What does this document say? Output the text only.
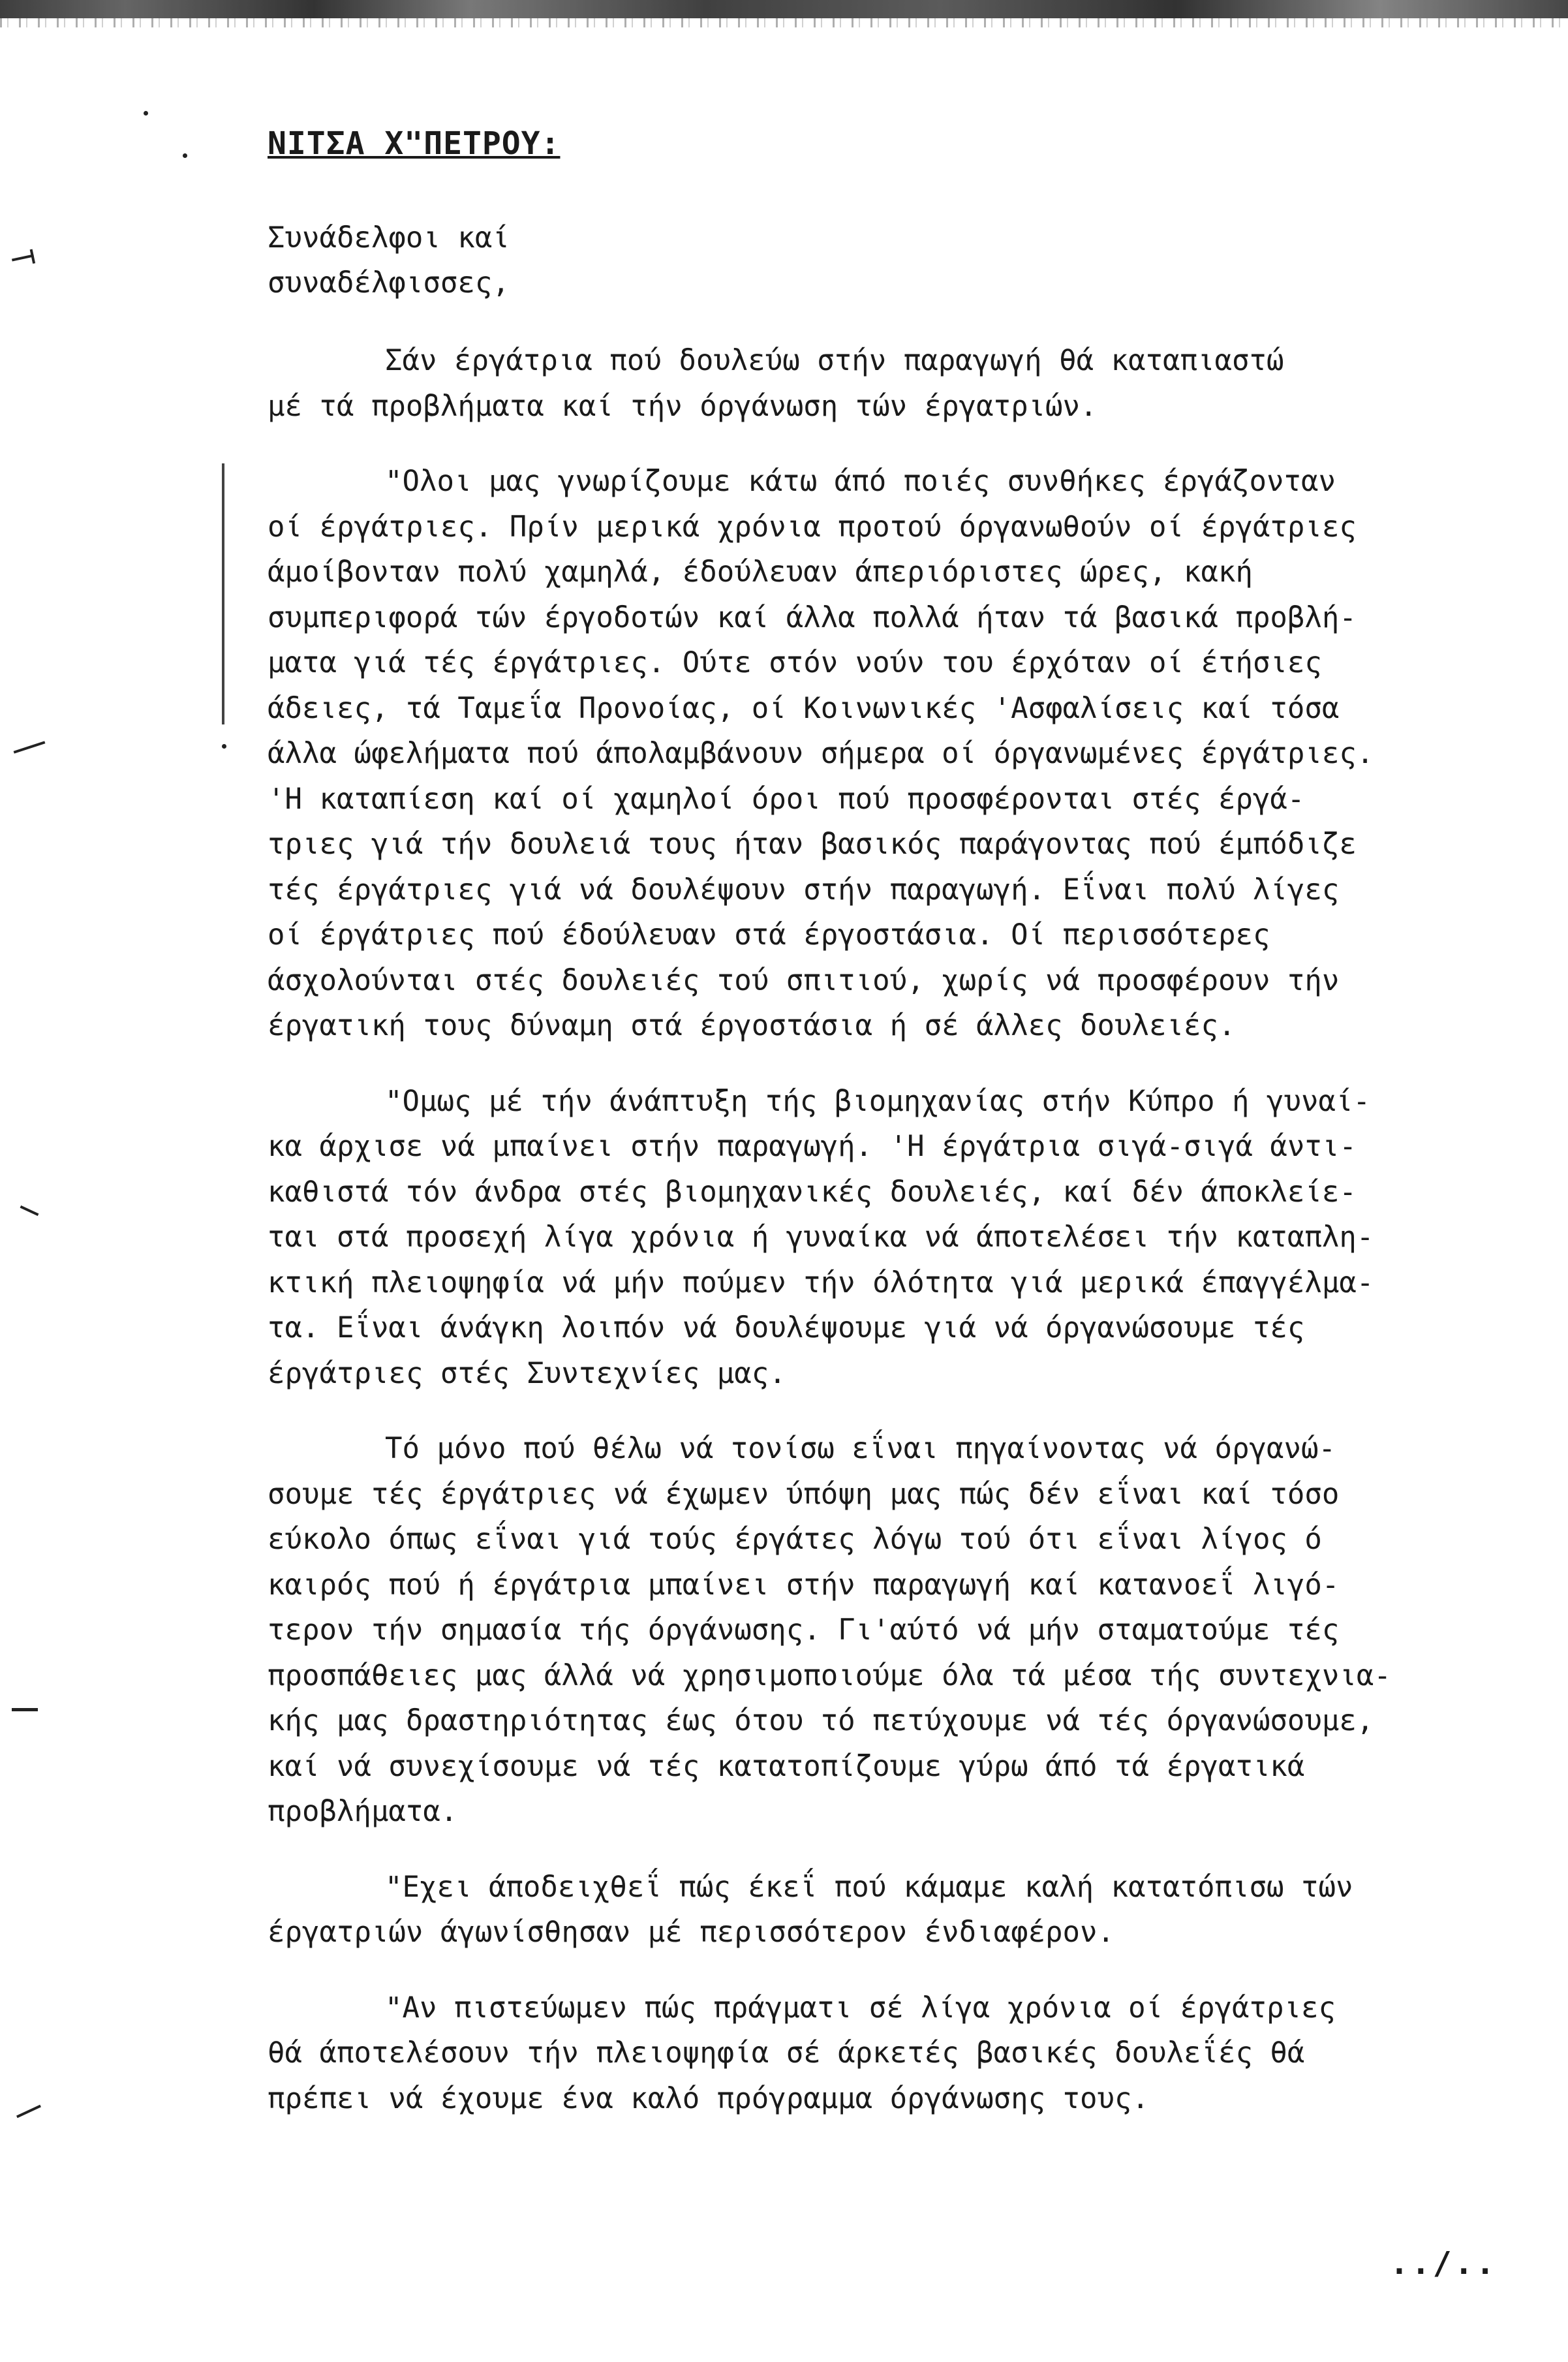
ΝΙΤΣΑ Χ"ΠΕΤΡΟΥ:

Συνάδελφοι καί

συναδέλφισσες,

Σάν έργάτρια πού δουλεύω στήν παραγωγή θά καταπιαστώ
μέ τά προβλήματα καί τήν όργάνωση τών έργατριών.
"Ολοι μας γνωρίζουμε κάτω άπό ποιές συνθήκες έργάζονταν
οί έργάτριες. Πρίν μερικά χρόνια προτού όργανωθούν οί έργάτριες
άμοίβονταν πολύ χαμηλά, έδούλευαν άπεριόριστες ώρες, κακή
συμπεριφορά τών έργοδοτών καί άλλα πολλά ήταν τά βασικά προβλή-
ματα γιά τές έργάτριες. Ούτε στόν νούν του έρχόταν οί έτήσιες
άδειες, τά Ταμεΐα Προνοίας, οί Κοινωνικές 'Ασφαλίσεις καί τόσα
άλλα ώφελήματα πού άπολαμβάνουν σήμερα οί όργανωμένες έργάτριες.
'Η καταπίεση καί οί χαμηλοί όροι πού προσφέρονται στές έργά-
τριες γιά τήν δουλειά τους ήταν βασικός παράγοντας πού έμπόδιζε
τές έργάτριες γιά νά δουλέψουν στήν παραγωγή. Εΐναι πολύ λίγες
οί έργάτριες πού έδούλευαν στά έργοστάσια. Οί περισσότερες
άσχολούνται στές δουλειές τού σπιτιού, χωρίς νά προσφέρουν τήν
έργατική τους δύναμη στά έργοστάσια ή σέ άλλες δουλειές.
"Ομως μέ τήν άνάπτυξη τής βιομηχανίας στήν Κύπρο ή γυναί-
κα άρχισε νά μπαίνει στήν παραγωγή. 'Η έργάτρια σιγά-σιγά άντι-
καθιστά τόν άνδρα στές βιομηχανικές δουλειές, καί δέν άποκλείε-
ται στά προσεχή λίγα χρόνια ή γυναίκα νά άποτελέσει τήν καταπλη-
κτική πλειοψηφία νά μήν πούμεν τήν όλότητα γιά μερικά έπαγγέλμα-
τα. Εΐναι άνάγκη λοιπόν νά δουλέψουμε γιά νά όργανώσουμε τές
έργάτριες στές Συντεχνίες μας.
Τό μόνο πού θέλω νά τονίσω εΐναι πηγαίνοντας νά όργανώ-
σουμε τές έργάτριες νά έχωμεν ύπόψη μας πώς δέν εΐναι καί τόσο
εύκολο όπως εΐναι γιά τούς έργάτες λόγω τού ότι εΐναι λίγος ό
καιρός πού ή έργάτρια μπαίνει στήν παραγωγή καί κατανοεΐ λιγό-
τερον τήν σημασία τής όργάνωσης. Γι'αύτό νά μήν σταματούμε τές
προσπάθειες μας άλλά νά χρησιμοποιούμε όλα τά μέσα τής συντεχνια-
κής μας δραστηριότητας έως ότου τό πετύχουμε νά τές όργανώσουμε,
καί νά συνεχίσουμε νά τές κατατοπίζουμε γύρω άπό τά έργατικά
προβλήματα.
"Εχει άποδειχθεΐ πώς έκεΐ πού κάμαμε καλή κατατόπισω τών
έργατριών άγωνίσθησαν μέ περισσότερον ένδιαφέρον.
"Αν πιστεύωμεν πώς πράγματι σέ λίγα χρόνια οί έργάτριες
θά άποτελέσουν τήν πλειοψηφία σέ άρκετές βασικές δουλεΐές θά
πρέπει νά έχουμε ένα καλό πρόγραμμα όργάνωσης τους.
../..
